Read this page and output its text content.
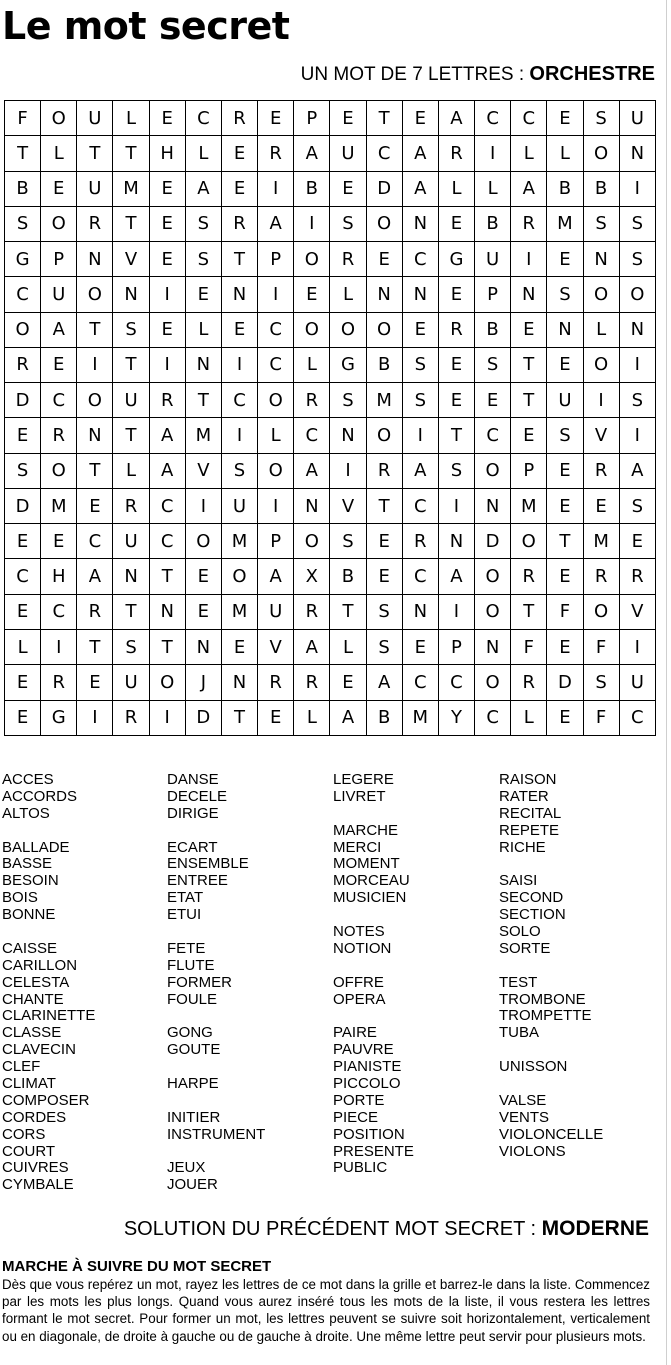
Le mot secret
UN MOT DE 7 LETTRES : ORCHESTRE
F	O	U	L	E	C	R	E	P	E	T	E	A	C	C	E	S	U
T	L	T	T	H	L	E	R	A	U	C	A	R	I	L	L	O	N
B	E	U	M	E	A	E	I	B	E	D	A	L	L	A	B	B	I
S	O	R	T	E	S	R	A	I	S	O	N	E	B	R	M	S	S
G	P	N	V	E	S	T	P	O	R	E	C	G	U	I	E	N	S
C	U	O	N	I	E	N	I	E	L	N	N	E	P	N	S	O	O
O	A	T	S	E	L	E	C	O	O	O	E	R	B	E	N	L	N
R	E	I	T	I	N	I	C	L	G	B	S	E	S	T	E	O	I
D	C	O	U	R	T	C	O	R	S	M	S	E	E	T	U	I	S
E	R	N	T	A	M	I	L	C	N	O	I	T	C	E	S	V	I
S	O	T	L	A	V	S	O	A	I	R	A	S	O	P	E	R	A
D	M	E	R	C	I	U	I	N	V	T	C	I	N	M	E	E	S
E	E	C	U	C	O	M	P	O	S	E	R	N	D	O	T	M	E
C	H	A	N	T	E	O	A	X	B	E	C	A	O	R	E	R	R
E	C	R	T	N	E	M	U	R	T	S	N	I	O	T	F	O	V
L	I	T	S	T	N	E	V	A	L	S	E	P	N	F	E	F	I
E	R	E	U	O	J	N	R	R	E	A	C	C	O	R	D	S	U
E	G	I	R	I	D	T	E	L	A	B	M	Y	C	L	E	F	C
ACCES
ACCORDS
ALTOS
BALLADE
BASSE
BESOIN
BOIS
BONNE
CAISSE
CARILLON
CELESTA
CHANTE
CLARINETTE
CLASSE
CLAVECIN
CLEF
CLIMAT
COMPOSER
CORDES
CORS
COURT
CUIVRES
CYMBALE
DANSE
DECELE
DIRIGE
ECART
ENSEMBLE
ENTREE
ETAT
ETUI
FETE
FLUTE
FORMER
FOULE
GONG
GOUTE
HARPE
INITIER
INSTRUMENT
JEUX
JOUER
LEGERE
LIVRET
MARCHE
MERCI
MOMENT
MORCEAU
MUSICIEN
NOTES
NOTION
OFFRE
OPERA
PAIRE
PAUVRE
PIANISTE
PICCOLO
PORTE
PIECE
POSITION
PRESENTE
PUBLIC
RAISON
RATER
RECITAL
REPETE
RICHE
SAISI
SECOND
SECTION
SOLO
SORTE
TEST
TROMBONE
TROMPETTE
TUBA
UNISSON
VALSE
VENTS
VIOLONCELLE
VIOLONS
SOLUTION DU PRÉCÉDENT MOT SECRET : MODERNE
MARCHE À SUIVRE DU MOT SECRET

Dès que vous repérez un mot, rayez les lettres de ce mot dans la grille et barrez-le dans la liste. Commencez par les mots les plus longs. Quand vous aurez inséré tous les mots de la liste, il vous restera les lettres formant le mot secret. Pour former un mot, les lettres peuvent se suivre soit horizontalement, verticalement ou en diagonale, de droite à gauche ou de gauche à droite. Une même lettre peut servir pour plusieurs mots.
